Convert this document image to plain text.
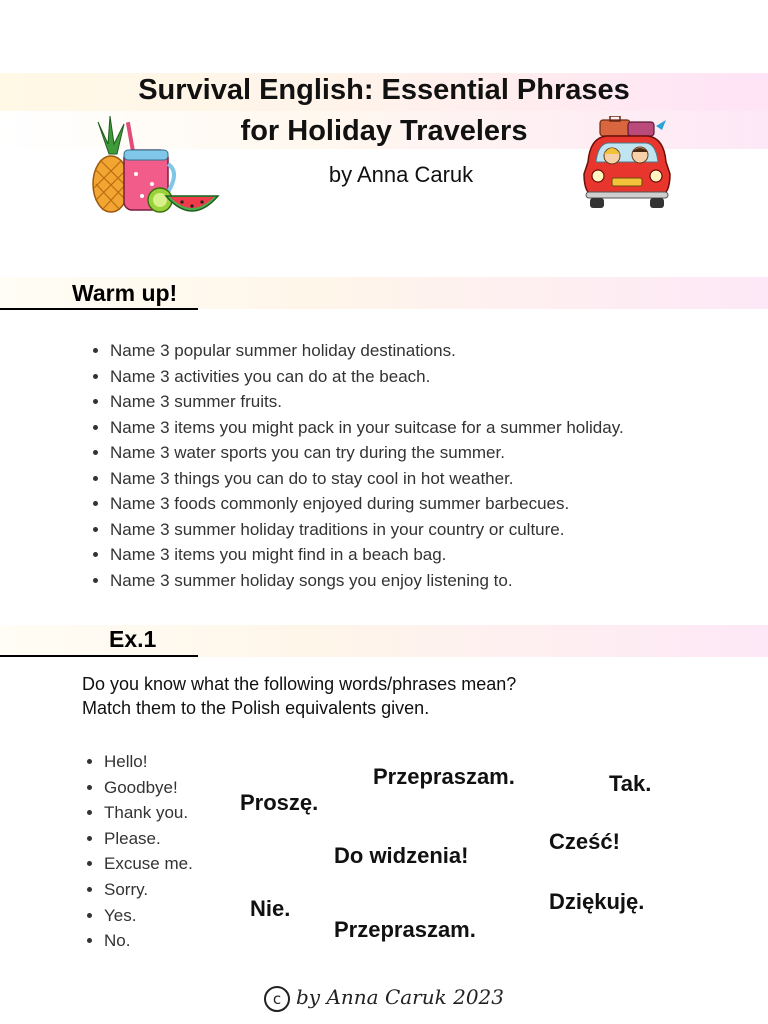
Survival English: Essential Phrases
for Holiday Travelers
by Anna Caruk
Warm up!
• Name 3 popular summer holiday destinations.
• Name 3 activities you can do at the beach.
• Name 3 summer fruits.
• Name 3 items you might pack in your suitcase for a summer holiday.
• Name 3 water sports you can try during the summer.
• Name 3 things you can do to stay cool in hot weather.
• Name 3 foods commonly enjoyed during summer barbecues.
• Name 3 summer holiday traditions in your country or culture.
• Name 3 items you might find in a beach bag.
• Name 3 summer holiday songs you enjoy listening to.
Ex.1
Do you know what the following words/phrases mean?
Match them to the Polish equivalents given.
• Hello!
• Goodbye!
• Thank you.
• Please.
• Excuse me.
• Sorry.
• Yes.
• No.
Przepraszam.	Tak.
Proszę.
Cześć!
Do widzenia!
Dziękuję.
Nie.
Przepraszam.
c by Anna Caruk 2023
